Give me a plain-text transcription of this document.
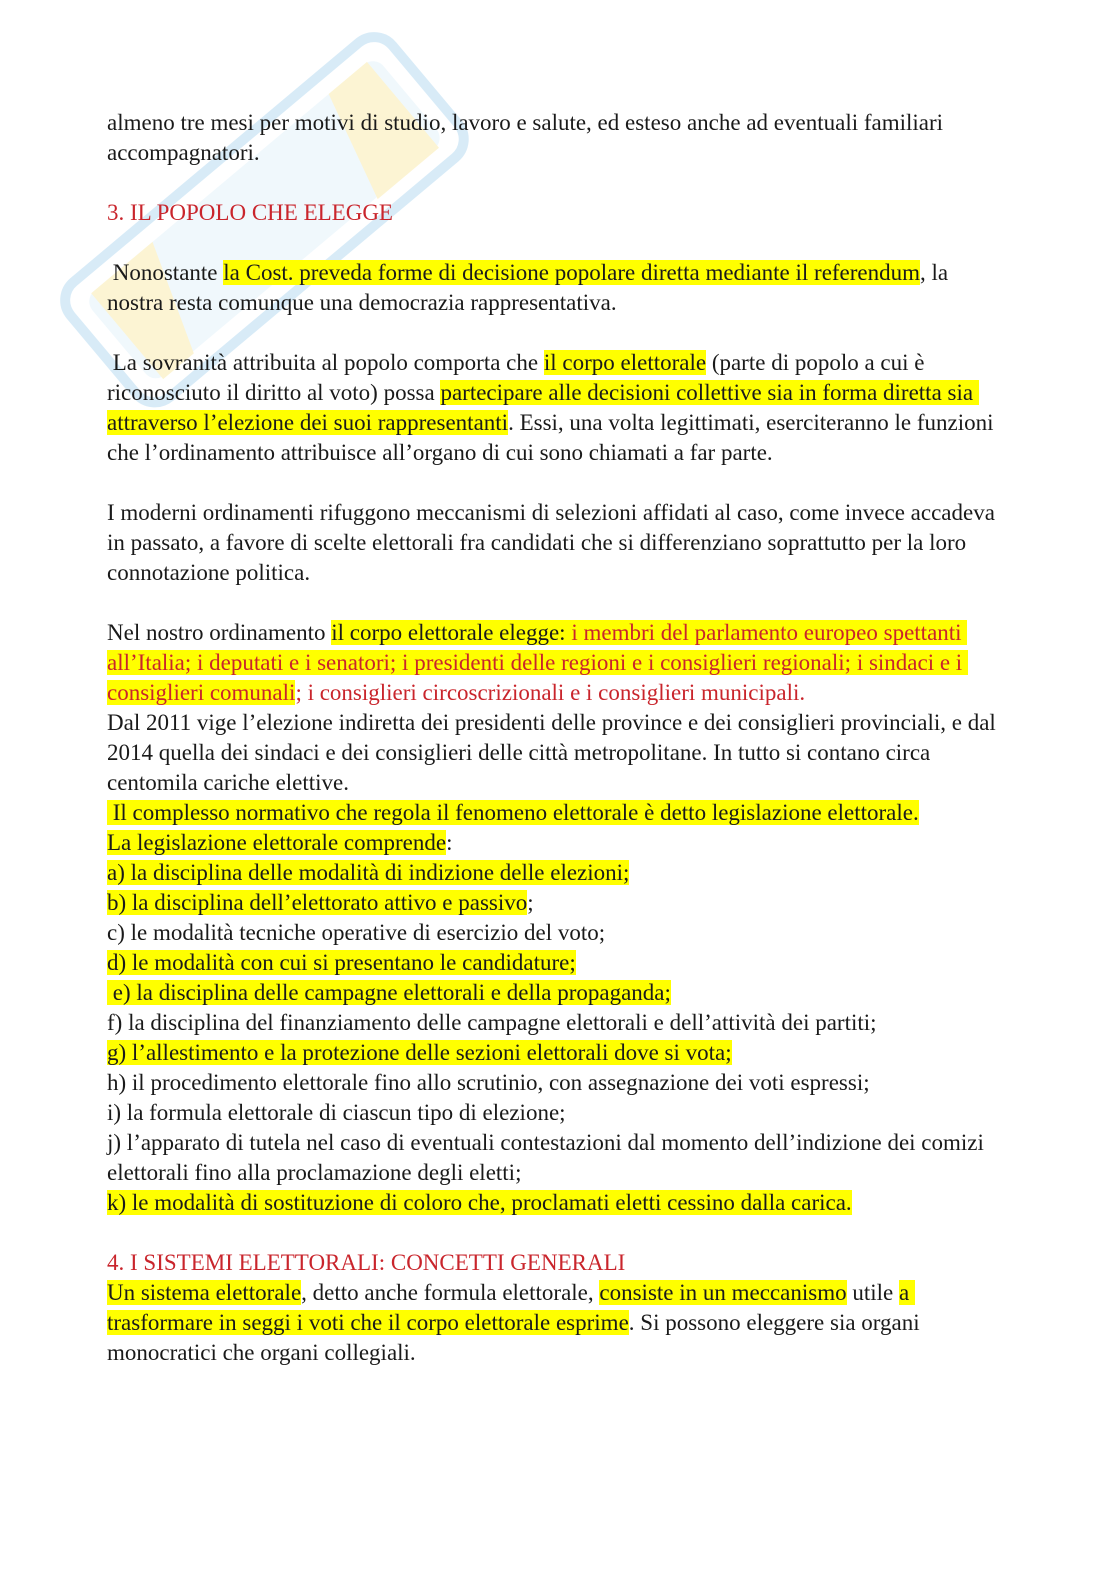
almeno tre mesi per motivi di studio, lavoro e salute, ed esteso anche ad eventuali familiari accompagnatori.

3. IL POPOLO CHE ELEGGE

Nonostante la Cost. preveda forme di decisione popolare diretta mediante il referendum, la nostra resta comunque una democrazia rappresentativa.

La sovranità attribuita al popolo comporta che il corpo elettorale (parte di popolo a cui è riconosciuto il diritto al voto) possa partecipare alle decisioni collettive sia in forma diretta sia attraverso l’elezione dei suoi rappresentanti. Essi, una volta legittimati, eserciteranno le funzioni che l’ordinamento attribuisce all’organo di cui sono chiamati a far parte.

I moderni ordinamenti rifuggono meccanismi di selezioni affidati al caso, come invece accadeva in passato, a favore di scelte elettorali fra candidati che si differenziano soprattutto per la loro connotazione politica.

Nel nostro ordinamento il corpo elettorale elegge: i membri del parlamento europeo spettanti all’Italia; i deputati e i senatori; i presidenti delle regioni e i consiglieri regionali; i sindaci e i consiglieri comunali; i consiglieri circoscrizionali e i consiglieri municipali.

Dal 2011 vige l’elezione indiretta dei presidenti delle province e dei consiglieri provinciali, e dal 2014 quella dei sindaci e dei consiglieri delle città metropolitane. In tutto si contano circa centomila cariche elettive.

Il complesso normativo che regola il fenomeno elettorale è detto legislazione elettorale.

La legislazione elettorale comprende:

a) la disciplina delle modalità di indizione delle elezioni;

b) la disciplina dell’elettorato attivo e passivo;

c) le modalità tecniche operative di esercizio del voto;

d) le modalità con cui si presentano le candidature;

e) la disciplina delle campagne elettorali e della propaganda;

f) la disciplina del finanziamento delle campagne elettorali e dell’attività dei partiti;

g) l’allestimento e la protezione delle sezioni elettorali dove si vota;

h) il procedimento elettorale fino allo scrutinio, con assegnazione dei voti espressi;

i) la formula elettorale di ciascun tipo di elezione;

j) l’apparato di tutela nel caso di eventuali contestazioni dal momento dell’indizione dei comizi elettorali fino alla proclamazione degli eletti;

k) le modalità di sostituzione di coloro che, proclamati eletti cessino dalla carica.

4. I SISTEMI ELETTORALI: CONCETTI GENERALI

Un sistema elettorale, detto anche formula elettorale, consiste in un meccanismo utile a trasformare in seggi i voti che il corpo elettorale esprime. Si possono eleggere sia organi monocratici che organi collegiali.
